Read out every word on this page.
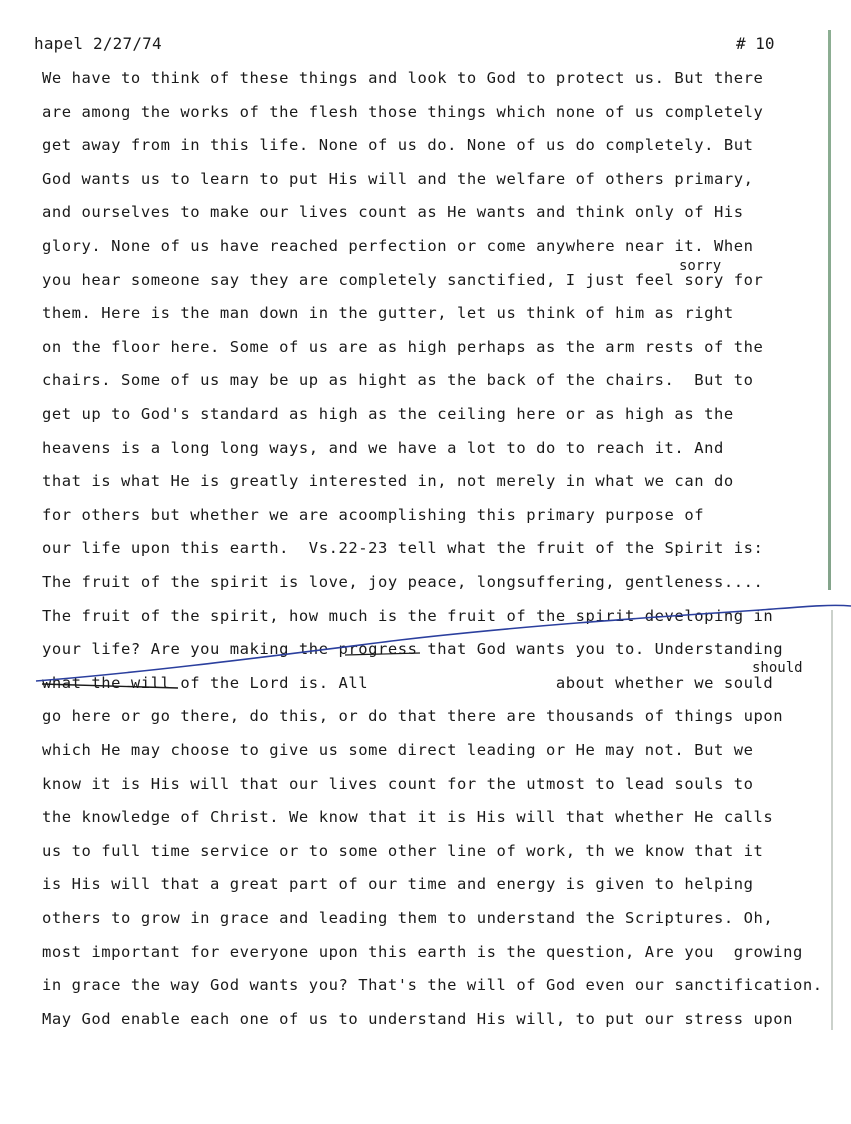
hapel 2/27/74	# 10
sorry
should
We have to think of these things and look to God to protect us. But there
are among the works of the flesh those things which none of us completely
get away from in this life. None of us do. None of us do completely. But
God wants us to learn to put His will and the welfare of others primary,
and ourselves to make our lives count as He wants and think only of His
glory. None of us have reached perfection or come anywhere near it. When
you hear someone say they are completely sanctified, I just feel sory for
them. Here is the man down in the gutter, let us think of him as right
on the floor here. Some of us are as high perhaps as the arm rests of the
chairs. Some of us may be up as hight as the back of the chairs.  But to
get up to God's standard as high as the ceiling here or as high as the
heavens is a long long ways, and we have a lot to do to reach it. And
that is what He is greatly interested in, not merely in what we can do
for others but whether we are acoomplishing this primary purpose of
our life upon this earth.  Vs.22-23 tell what the fruit of the Spirit is:
The fruit of the spirit is love, joy peace, longsuffering, gentleness....
The fruit of the spirit, how much is the fruit of the spirit developing in
your life? Are you making the progress that God wants you to. Understanding
what the will of the Lord is. All                   about whether we sould
go here or go there, do this, or do that there are thousands of things upon
which He may choose to give us some direct leading or He may not. But we
know it is His will that our lives count for the utmost to lead souls to
the knowledge of Christ. We know that it is His will that whether He calls
us to full time service or to some other line of work, th we know that it
is His will that a great part of our time and energy is given to helping
others to grow in grace and leading them to understand the Scriptures. Oh,
most important for everyone upon this earth is the question, Are you  growing
in grace the way God wants you? That's the will of God even our sanctification.
May God enable each one of us to understand His will, to put our stress upon
